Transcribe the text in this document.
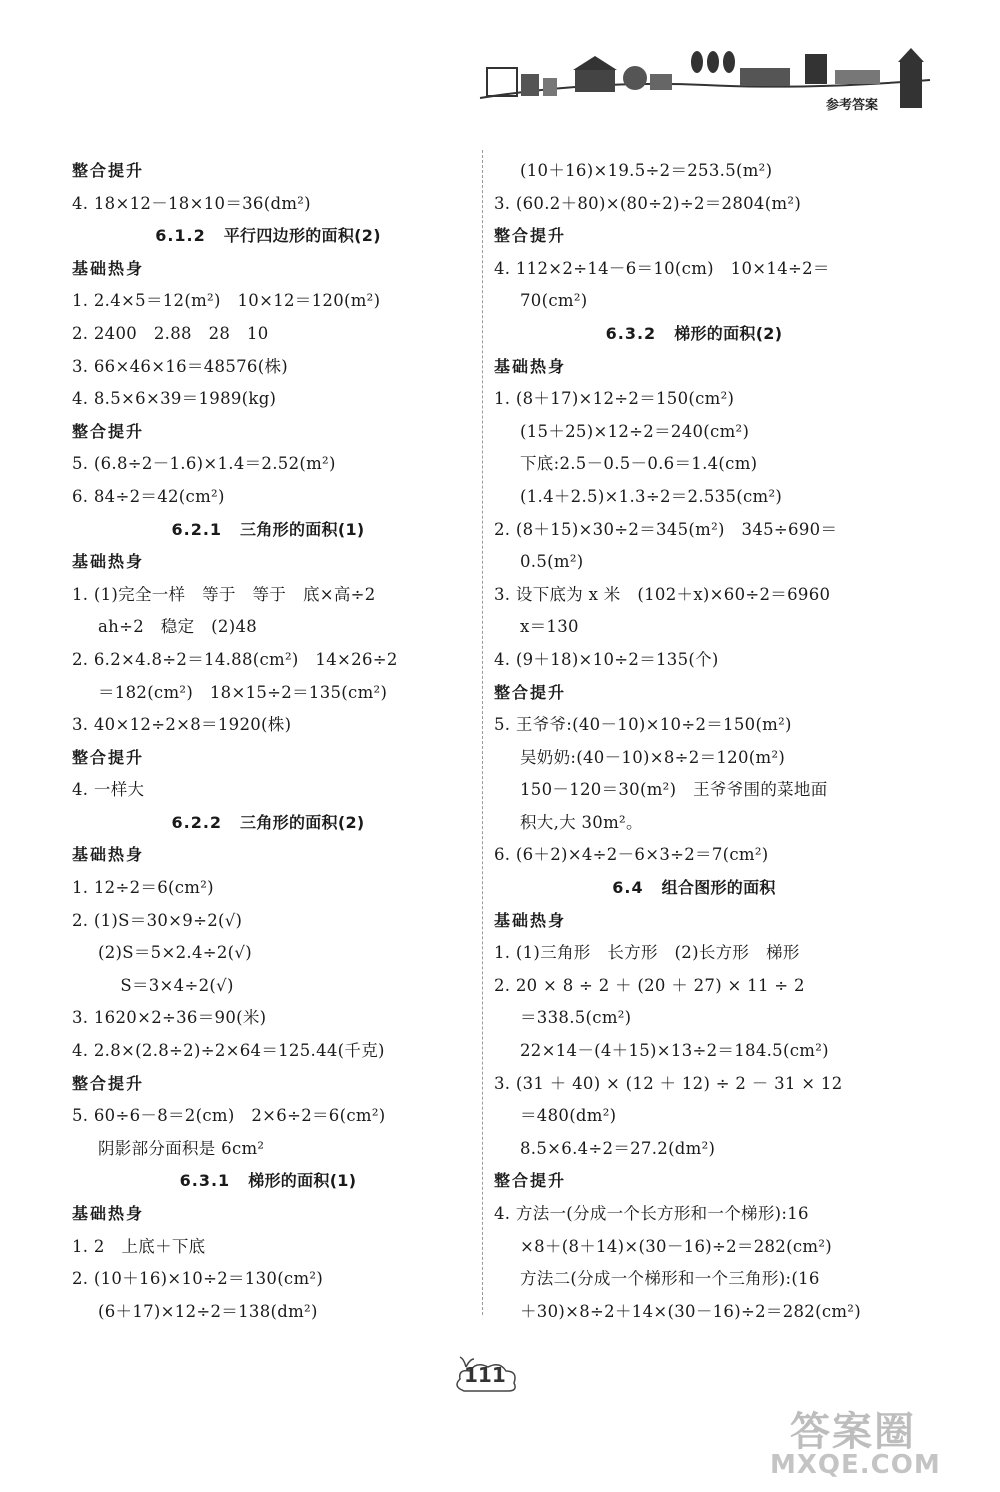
参考答案
整合提升
4. 18×12－18×10＝36(dm²)
6.1.2 平行四边形的面积(2)
基础热身
1. 2.4×5＝12(m²)　10×12＝120(m²)
2. 2400　2.88　28　10
3. 66×46×16＝48576(株)
4. 8.5×6×39＝1989(kg)
整合提升
5. (6.8÷2－1.6)×1.4＝2.52(m²)
6. 84÷2＝42(cm²)
6.2.1 三角形的面积(1)
基础热身
1. (1)完全一样　等于　等于　底×高÷2
ah÷2　稳定　(2)48
2. 6.2×4.8÷2＝14.88(cm²)　14×26÷2
＝182(cm²)　18×15÷2＝135(cm²)
3. 40×12÷2×8＝1920(株)
整合提升
4. 一样大
6.2.2 三角形的面积(2)
基础热身
1. 12÷2＝6(cm²)
2. (1)S＝30×9÷2(√)
(2)S＝5×2.4÷2(√)
　 S＝3×4÷2(√)
3. 1620×2÷36＝90(米)
4. 2.8×(2.8÷2)÷2×64＝125.44(千克)
整合提升
5. 60÷6－8＝2(cm)　2×6÷2＝6(cm²)
阴影部分面积是 6cm²
6.3.1 梯形的面积(1)
基础热身
1. 2　上底＋下底
2. (10＋16)×10÷2＝130(cm²)
(6＋17)×12÷2＝138(dm²)
(10＋16)×19.5÷2＝253.5(m²)
3. (60.2＋80)×(80÷2)÷2＝2804(m²)
整合提升
4. 112×2÷14－6＝10(cm)　10×14÷2＝
70(cm²)
6.3.2 梯形的面积(2)
基础热身
1. (8＋17)×12÷2＝150(cm²)
(15＋25)×12÷2＝240(cm²)
下底:2.5－0.5－0.6＝1.4(cm)
(1.4＋2.5)×1.3÷2＝2.535(cm²)
2. (8＋15)×30÷2＝345(m²)　345÷690＝
0.5(m²)
3. 设下底为 x 米　(102＋x)×60÷2＝6960
x＝130
4. (9＋18)×10÷2＝135(个)
整合提升
5. 王爷爷:(40－10)×10÷2＝150(m²)
吴奶奶:(40－10)×8÷2＝120(m²)
150－120＝30(m²)　王爷爷围的菜地面
积大,大 30m²。
6. (6＋2)×4÷2－6×3÷2＝7(cm²)
6.4 组合图形的面积
基础热身
1. (1)三角形　长方形　(2)长方形　梯形
2. 20 × 8 ÷ 2 ＋ (20 ＋ 27) × 11 ÷ 2
＝338.5(cm²)
22×14－(4＋15)×13÷2＝184.5(cm²)
3. (31 ＋ 40) × (12 ＋ 12) ÷ 2 － 31 × 12
＝480(dm²)
8.5×6.4÷2＝27.2(dm²)
整合提升
4. 方法一(分成一个长方形和一个梯形):16
×8＋(8＋14)×(30－16)÷2＝282(cm²)
方法二(分成一个梯形和一个三角形):(16
＋30)×8÷2＋14×(30－16)÷2＝282(cm²)
111
答案圈
MXQE.COM
